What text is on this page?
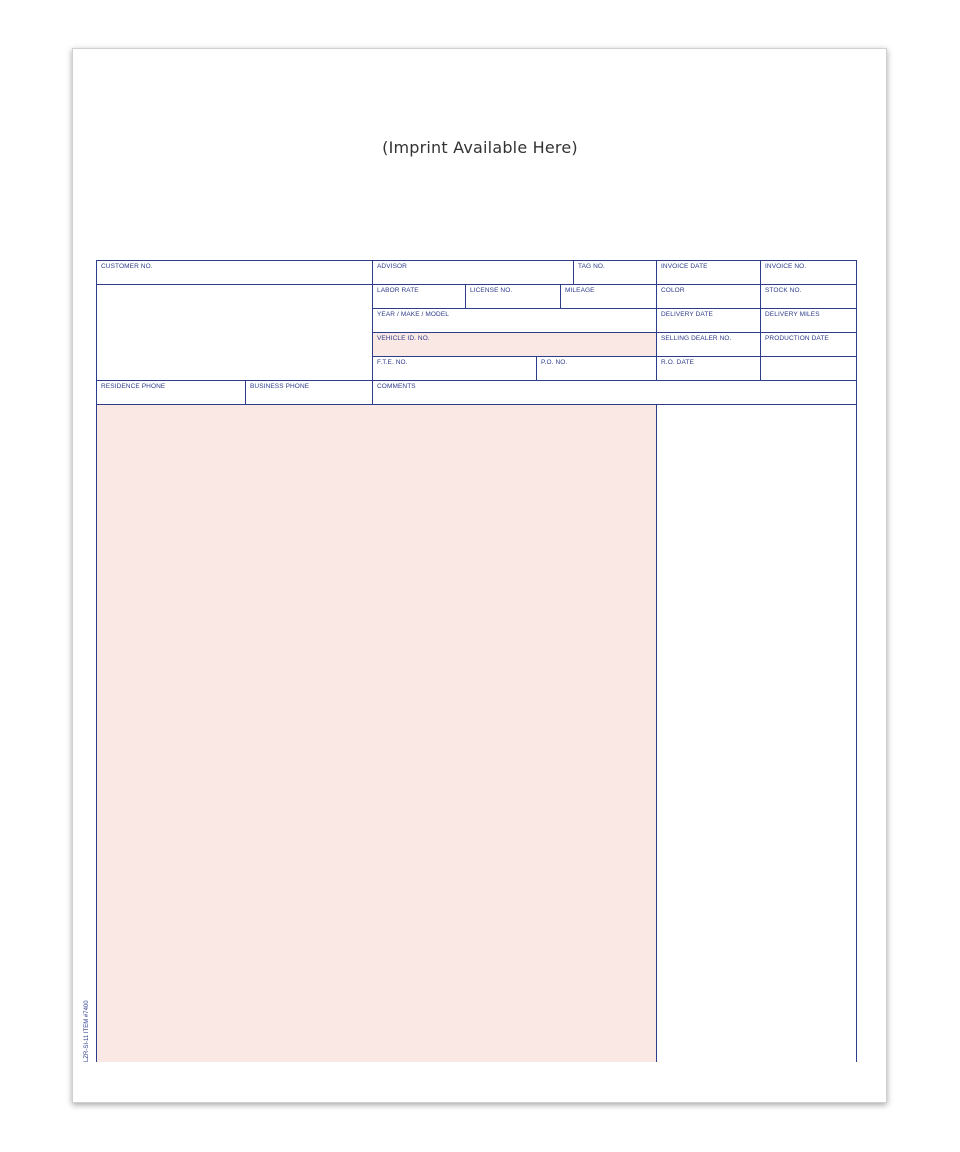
(Imprint Available Here)
CUSTOMER NO.	ADVISOR	TAG NO.	INVOICE DATE	INVOICE NO.
LABOR RATE	LICENSE NO.	MILEAGE	COLOR	STOCK NO.
YEAR / MAKE / MODEL	DELIVERY DATE	DELIVERY MILES
VEHICLE ID. NO.	SELLING DEALER NO.	PRODUCTION DATE
F.T.E. NO.	P.O. NO.	R.O. DATE
RESIDENCE PHONE	BUSINESS PHONE	COMMENTS
LZR-SI-11 ITEM #7400
